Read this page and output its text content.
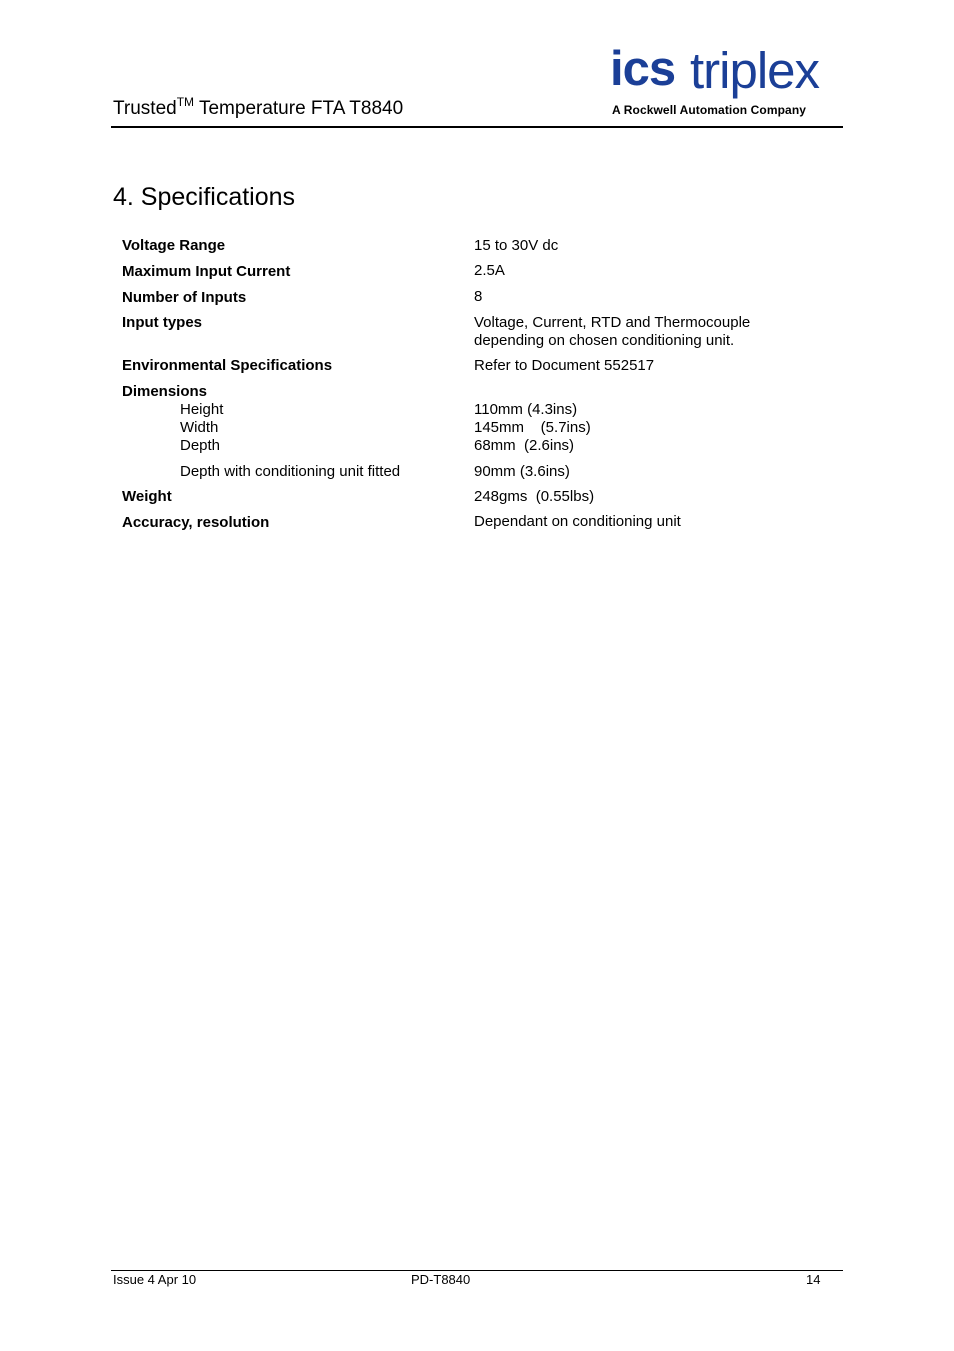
Trusted™ Temperature FTA T8840
ics triplex
A Rockwell Automation Company
4. Specifications
Voltage Range	15 to 30V dc
Maximum Input Current	2.5A
Number of Inputs	8
Input types	Voltage, Current, RTD and Thermocouple
depending on chosen conditioning unit.
Environmental Specifications	Refer to Document 552517
Dimensions
Height	110mm (4.3ins)
Width	145mm    (5.7ins)
Depth	68mm  (2.6ins)
Depth with conditioning unit fitted	90mm (3.6ins)
Weight	248gms  (0.55lbs)
Accuracy, resolution	Dependant on conditioning unit
Issue 4 Apr 10	PD-T8840	14
